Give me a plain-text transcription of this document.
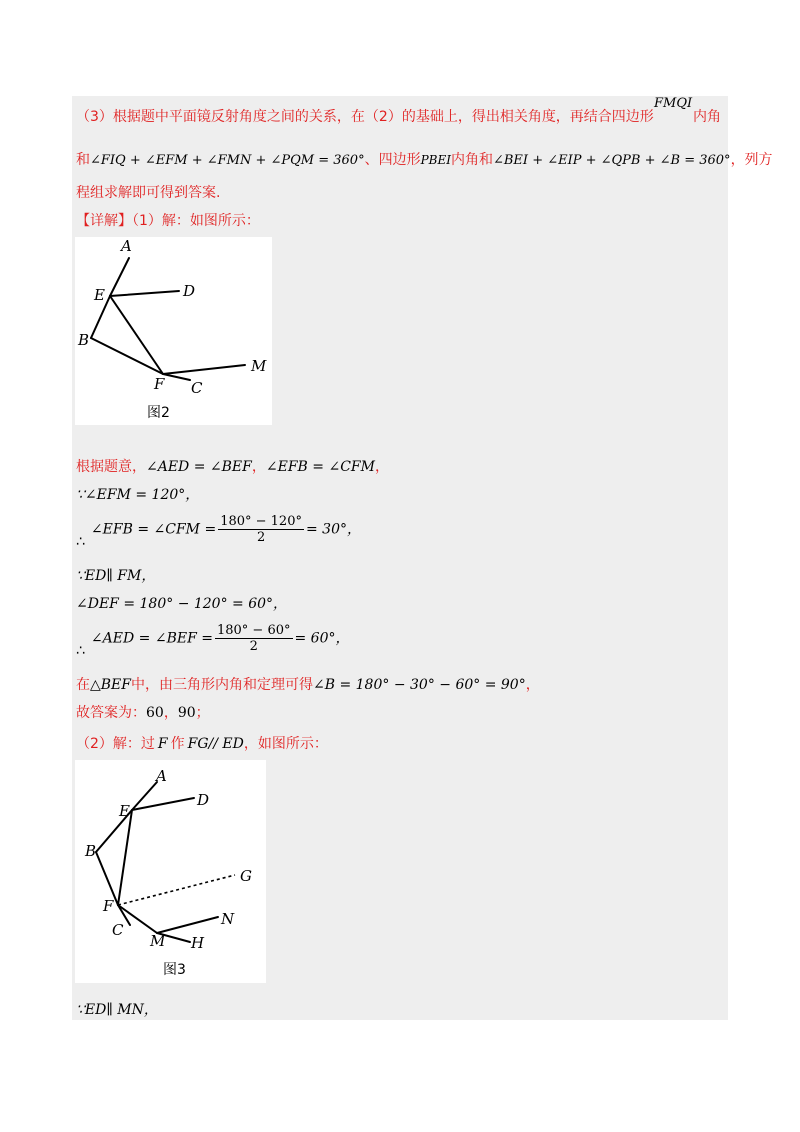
（3）根据题中平面镜反射角度之间的关系，在（2）的基础上，得出相关角度，再结合四边形
FMQI
内角
和∠FIQ + ∠EFM + ∠FMN + ∠PQM = 360°、四边形PBEI内角和∠BEI + ∠EIP + ∠QPB + ∠B = 360°，列方
程组求解即可得到答案.
【详解】（1）解：如图所示：
A
E	D
B
F C
M
图2
根据题意，∠AED = ∠BEF，∠EFB = ∠CFM，
∵∠EFM = 120°，
∴∠EFB = ∠CFM = $\frac{180^\circ - 120^\circ}{2} = 30^\circ$，
∵ED∥ FM，
∠DEF = 180° − 120° = 60°，
∴∠AED = ∠BEF = $\frac{180^\circ - 60^\circ}{2} = 60^\circ$，
在△BEF中，由三角形内角和定理可得∠B = 180° − 30° − 60° = 90°，
故答案为：60，90；
（2）解：过 F 作 FG// ED，如图所示：
A
E
D
B
G
F
N
C
M H
图3
∵ED∥ MN，
